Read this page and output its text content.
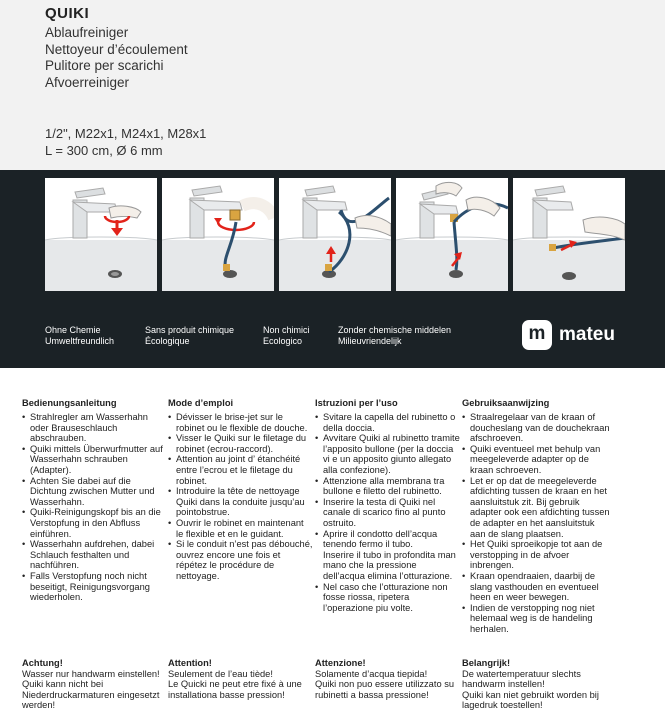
QUIKI
Ablaufreiniger
Nettoyeur d’écoulement
Pulitore per scarichi
Afvoerreiniger
1/2", M22x1, M24x1, M28x1
L = 300 cm, Ø 6 mm
Ohne Chemie
Umweltfreundlich
Sans produit chimique
Écologique
Non chimici
Ecologico
Zonder chemische middelen
Milieuvriendelijk	m mateu
Bedienungsanleitung
• Strahlregler am Wasserhahn oder Brauseschlauch abschrauben.
• Quiki mittels Überwurfmutter auf Wasserhahn schrauben (Adapter).
• Achten Sie dabei auf die Dichtung zwischen Mutter und Wasserhahn.
• Quiki-Reinigungskopf bis an die Verstopfung in den Abfluss einführen.
• Wasserhahn aufdrehen, dabei Schlauch festhalten und nachführen.
• Falls Verstopfung noch nicht beseitigt, Reinigungsvorgang wiederholen.
Mode d’emploi
• Dévisser le brise-jet sur le robinet ou le flexible de douche.
• Visser le Quiki sur le filetage du robinet (ecrou-raccord).
• Attention au joint d’ étanchéité entre l’ecrou et le filetage du robinet.
• Introduire la tête de nettoyage Quiki dans la conduite jusqu’au pointobstrue.
• Ouvrir le robinet en maintenant le flexible et en le guidant.
• Si le conduit n’est pas débouché, ouvrez encore une fois et répétez le procédure de nettoyage.
Istruzioni per l’uso
• Svitare la capella del rubinetto o della doccia.
• Avvitare Quiki al rubinetto tramite l’apposito bullone (per la doccia vi e un apposito giunto allegato alla confezione).
• Attenzione alla membrana tra bullone e filetto del rubinetto.
• Inserire la testa di Quiki nel canale di scarico fino al punto ostruito.
• Aprire il condotto dell’acqua tenendo fermo il tubo.
Inserire il tubo in profondita man mano che la pressione dell’acqua elimina l’otturazione.
• Nel caso che l’otturazione non fosse riossa, ripetera l’operazione piu volte.
Gebruiksaanwijzing
• Straalregelaar van de kraan of doucheslang van de douchekraan afschroeven.
• Quiki eventueel met behulp van meegeleverde adapter op de kraan schroeven.
• Let er op dat de meegeleverde afdichting tussen de kraan en het aansluitstuk zit. Bij gebruik adapter ook een afdichting tussen de adapter en het aansluitstuk aan de slang plaatsen.
• Het Quiki sproeikopje tot aan de verstopping in de afvoer inbrengen.
• Kraan opendraaien, daarbij de slang vasthouden en eventueel heen en weer bewegen.
• Indien de verstopping nog niet helemaal weg is de handeling herhalen.
Achtung!
Wasser nur handwarm einstellen!
Quiki kann nicht bei Niederdruckarmaturen eingesetzt werden!
Attention!
Seulement de l’eau tiède!
Le Quicki ne peut etre fixé à une installationa basse pression!
Attenzione!
Solamente d’acqua tiepida!
Quiki non puo essere utilizzato su rubinetti a bassa pressione!
Belangrijk!
De watertemperatuur slechts handwarm instellen!
Quiki kan niet gebruikt worden bij lagedruk toestellen!
